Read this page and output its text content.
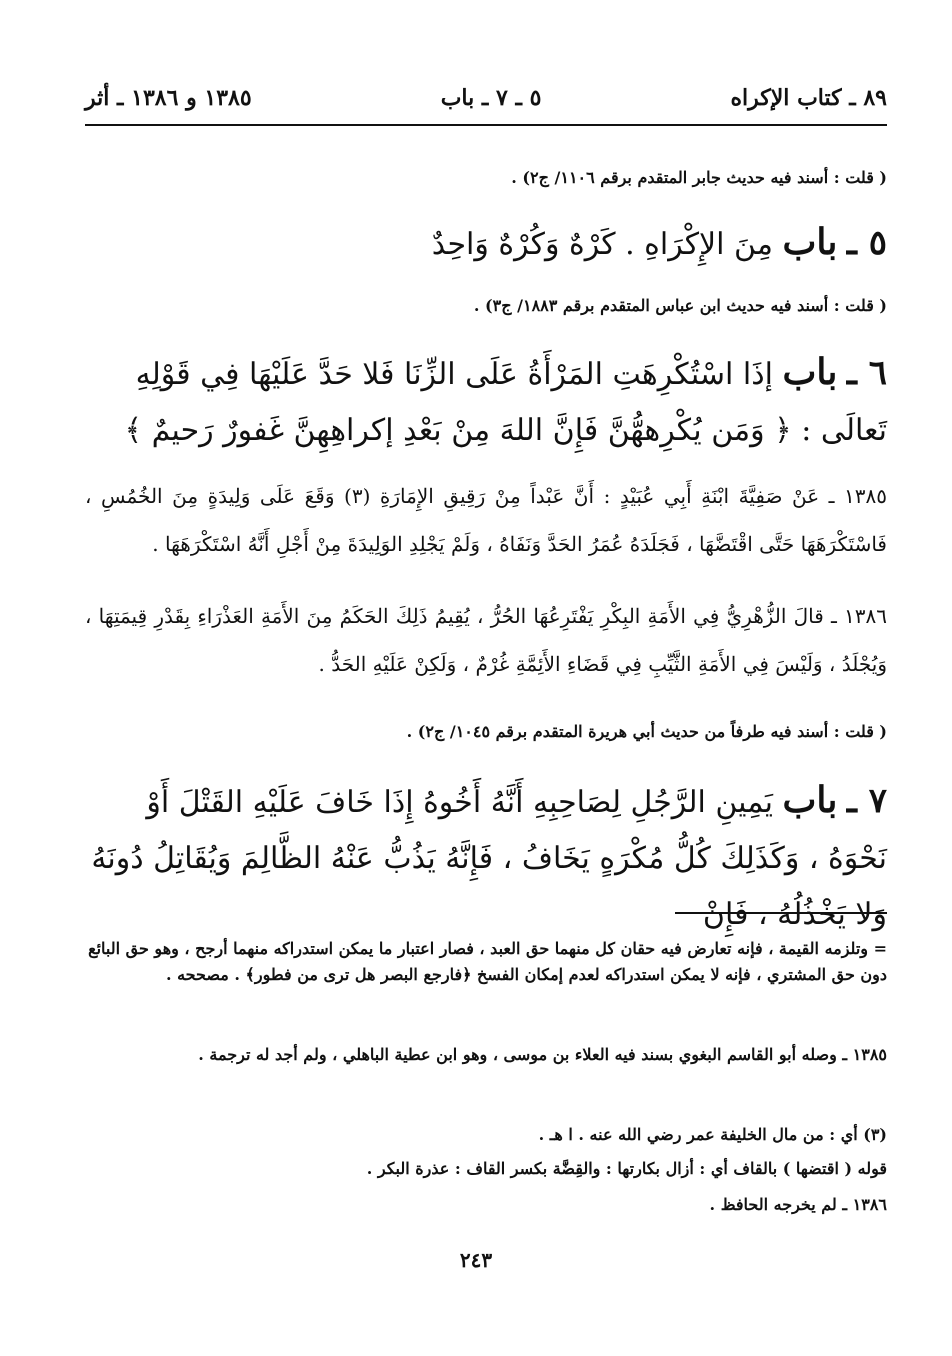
٨٩ ـ كتاب الإكراه
٥ ـ ٧ ـ باب
١٣٨٥ و ١٣٨٦ ـ أثر
( قلت : أسند فيه حديث جابر المتقدم برقم ١١٠٦/ ج٢) .
٥ ـ باب مِنَ الإِكْرَاهِ . كَرْهٌ وَكُرْهٌ وَاحِدٌ
( قلت : أسند فيه حديث ابن عباس المتقدم برقم ١٨٨٣/ ج٣) .
٦ ـ باب إذَا اسْتُكْرِهَتِ المَرْأَةُ عَلَى الزِّنَا فَلا حَدَّ عَلَيْهَا فِي قَوْلِهِ تَعالَى : ﴿ وَمَن يُكْرِههُّنَّ فَإِنَّ اللهَ مِنْ بَعْدِ إكراهِهِنَّ غَفورٌ رَحيمٌ ﴾
١٣٨٥ ـ عَنْ صَفِيَّةَ ابْنَةِ أَبِي عُبَيْدٍ : أَنَّ عَبْداً مِنْ رَقِيقِ الإِمَارَةِ (٣) وَقَعَ عَلَى وَلِيدَةٍ مِنَ الخُمُسِ ، فَاسْتَكْرَهَهَا حَتَّى اقْتَضَّهَا ، فَجَلَدَهُ عُمَرُ الحَدَّ وَنَفَاهُ ، وَلَمْ يَجْلِدِ الوَلِيدَةَ مِنْ أَجْلِ أَنَّهُ اسْتَكْرَهَهَا .
١٣٨٦ ـ قالَ الزُّهْرِيُّ فِي الأَمَةِ البِكْرِ يَفْتَرِعُهَا الحُرُّ ، يُقِيمُ ذَلِكَ الحَكَمُ مِنَ الأَمَةِ العَذْرَاءِ بِقَدْرِ قِيمَتِهَا ، وَيُجْلَدُ ، وَلَيْسَ فِي الأَمَةِ الثَّيِّبِ فِي قَضَاءِ الأَئِمَّةِ غُرْمٌ ، وَلَكِنْ عَلَيْهِ الحَدُّ .
( قلت : أسند فيه طرفاً من حديث أبي هريرة المتقدم برقم ١٠٤٥/ ج٢) .
٧ ـ باب يَمِينِ الرَّجُلِ لِصَاحِبِهِ أَنَّهُ أَخُوهُ إِذَا خَافَ عَلَيْهِ القَتْلَ أَوْ نَحْوَهُ ، وَكَذَلِكَ كُلُّ مُكْرَهٍ يَخَافُ ، فَإِنَّهُ يَذُبُّ عَنْهُ الظَّالِمَ وَيُقَاتِلُ دُونَهُ وَلا يَخْذُلُهُ ، فَإِنْ
= وتلزمه القيمة ، فإنه تعارض فيه حقان كل منهما حق العبد ، فصار اعتبار ما يمكن استدراكه منهما أرجح ، وهو حق البائع دون حق المشتري ، فإنه لا يمكن استدراكه لعدم إمكان الفسخ ﴿فارجع البصر هل ترى من فطور﴾ . مصححه .
١٣٨٥ ـ وصله أبو القاسم البغوي بسند فيه العلاء بن موسى ، وهو ابن عطية الباهلي ، ولم أجد له ترجمة .
(٣) أي : من مال الخليفة عمر رضي الله عنه . ا هـ .
قوله ( اقتضها ) بالقاف أي : أزال بكارتها : والقِضَّة بكسر القاف : عذرة البكر .
١٣٨٦ ـ لم يخرجه الحافظ .
٢٤٣
